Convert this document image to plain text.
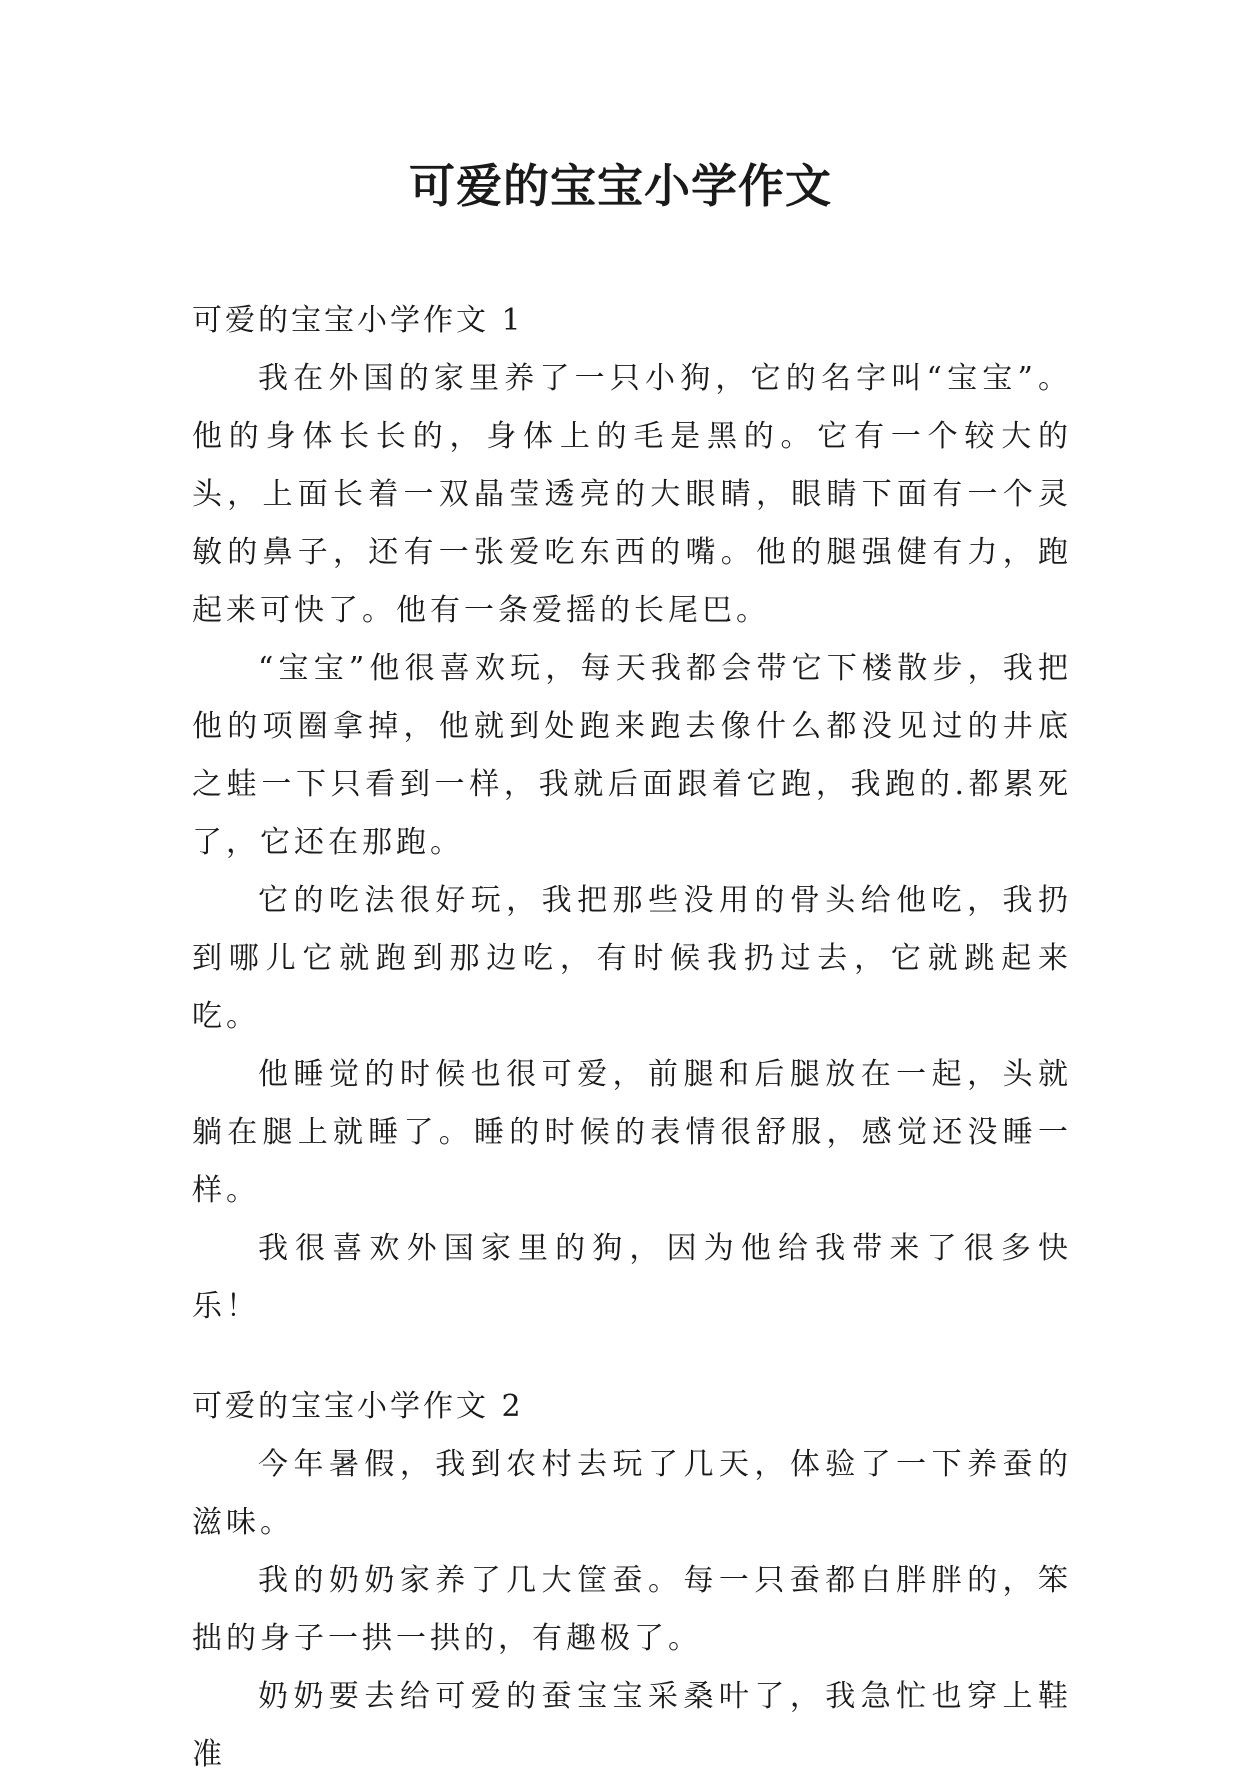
可爱的宝宝小学作文
可爱的宝宝小学作文 1

我在外国的家里养了一只小狗，它的名字叫“宝宝”。他的身体长长的，身体上的毛是黑的。它有一个较大的头，上面长着一双晶莹透亮的大眼睛，眼睛下面有一个灵敏的鼻子，还有一张爱吃东西的嘴。他的腿强健有力，跑起来可快了。他有一条爱摇的长尾巴。

“宝宝”他很喜欢玩，每天我都会带它下楼散步，我把他的项圈拿掉，他就到处跑来跑去像什么都没见过的井底之蛙一下只看到一样，我就后面跟着它跑，我跑的.都累死了，它还在那跑。

它的吃法很好玩，我把那些没用的骨头给他吃，我扔到哪儿它就跑到那边吃，有时候我扔过去，它就跳起来吃。

他睡觉的时候也很可爱，前腿和后腿放在一起，头就躺在腿上就睡了。睡的时候的表情很舒服，感觉还没睡一样。

我很喜欢外国家里的狗，因为他给我带来了很多快乐！

可爱的宝宝小学作文 2

今年暑假，我到农村去玩了几天，体验了一下养蚕的滋味。

我的奶奶家养了几大筐蚕。每一只蚕都白胖胖的，笨拙的身子一拱一拱的，有趣极了。

奶奶要去给可爱的蚕宝宝采桑叶了，我急忙也穿上鞋准
